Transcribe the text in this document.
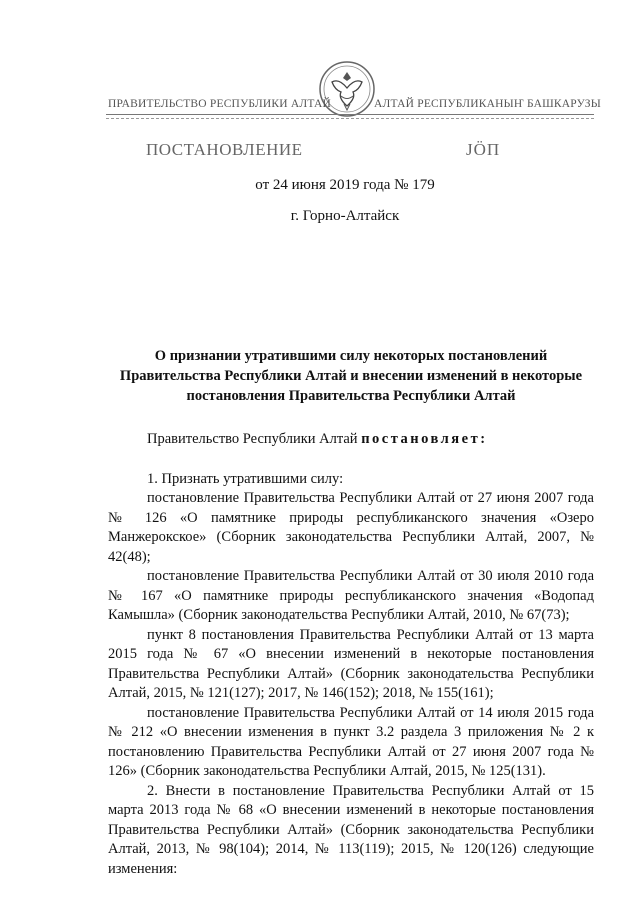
ПРАВИТЕЛЬСТВО РЕСПУБЛИКИ АЛТАЙ	АЛТАЙ РЕСПУБЛИКАНЫҤ БАШКАРУЗЫ
ПОСТАНОВЛЕНИЕ	ЈӦП
от 24 июня 2019 года № 179
г. Горно-Алтайск
О признании утратившими силу некоторых постановлений Правительства Республики Алтай и внесении изменений в некоторые постановления Правительства Республики Алтай

Правительство Республики Алтай постановляет:

1. Признать утратившими силу:

постановление Правительства Республики Алтай от 27 июня 2007 года № 126 «О памятнике природы республиканского значения «Озеро Манжерокское» (Сборник законодательства Республики Алтай, 2007, № 42(48);

постановление Правительства Республики Алтай от 30 июля 2010 года № 167 «О памятнике природы республиканского значения «Водопад Камышла» (Сборник законодательства Республики Алтай, 2010, № 67(73);

пункт 8 постановления Правительства Республики Алтай от 13 марта 2015 года № 67 «О внесении изменений в некоторые постановления Правительства Республики Алтай» (Сборник законодательства Республики Алтай, 2015, № 121(127); 2017, № 146(152); 2018, № 155(161);

постановление Правительства Республики Алтай от 14 июля 2015 года № 212 «О внесении изменения в пункт 3.2 раздела 3 приложения № 2 к постановлению Правительства Республики Алтай от 27 июня 2007 года № 126» (Сборник законодательства Республики Алтай, 2015, № 125(131).

2. Внести в постановление Правительства Республики Алтай от 15 марта 2013 года № 68 «О внесении изменений в некоторые постановления Правительства Республики Алтай» (Сборник законодательства Республики Алтай, 2013, № 98(104); 2014, № 113(119); 2015, № 120(126) следующие изменения:
